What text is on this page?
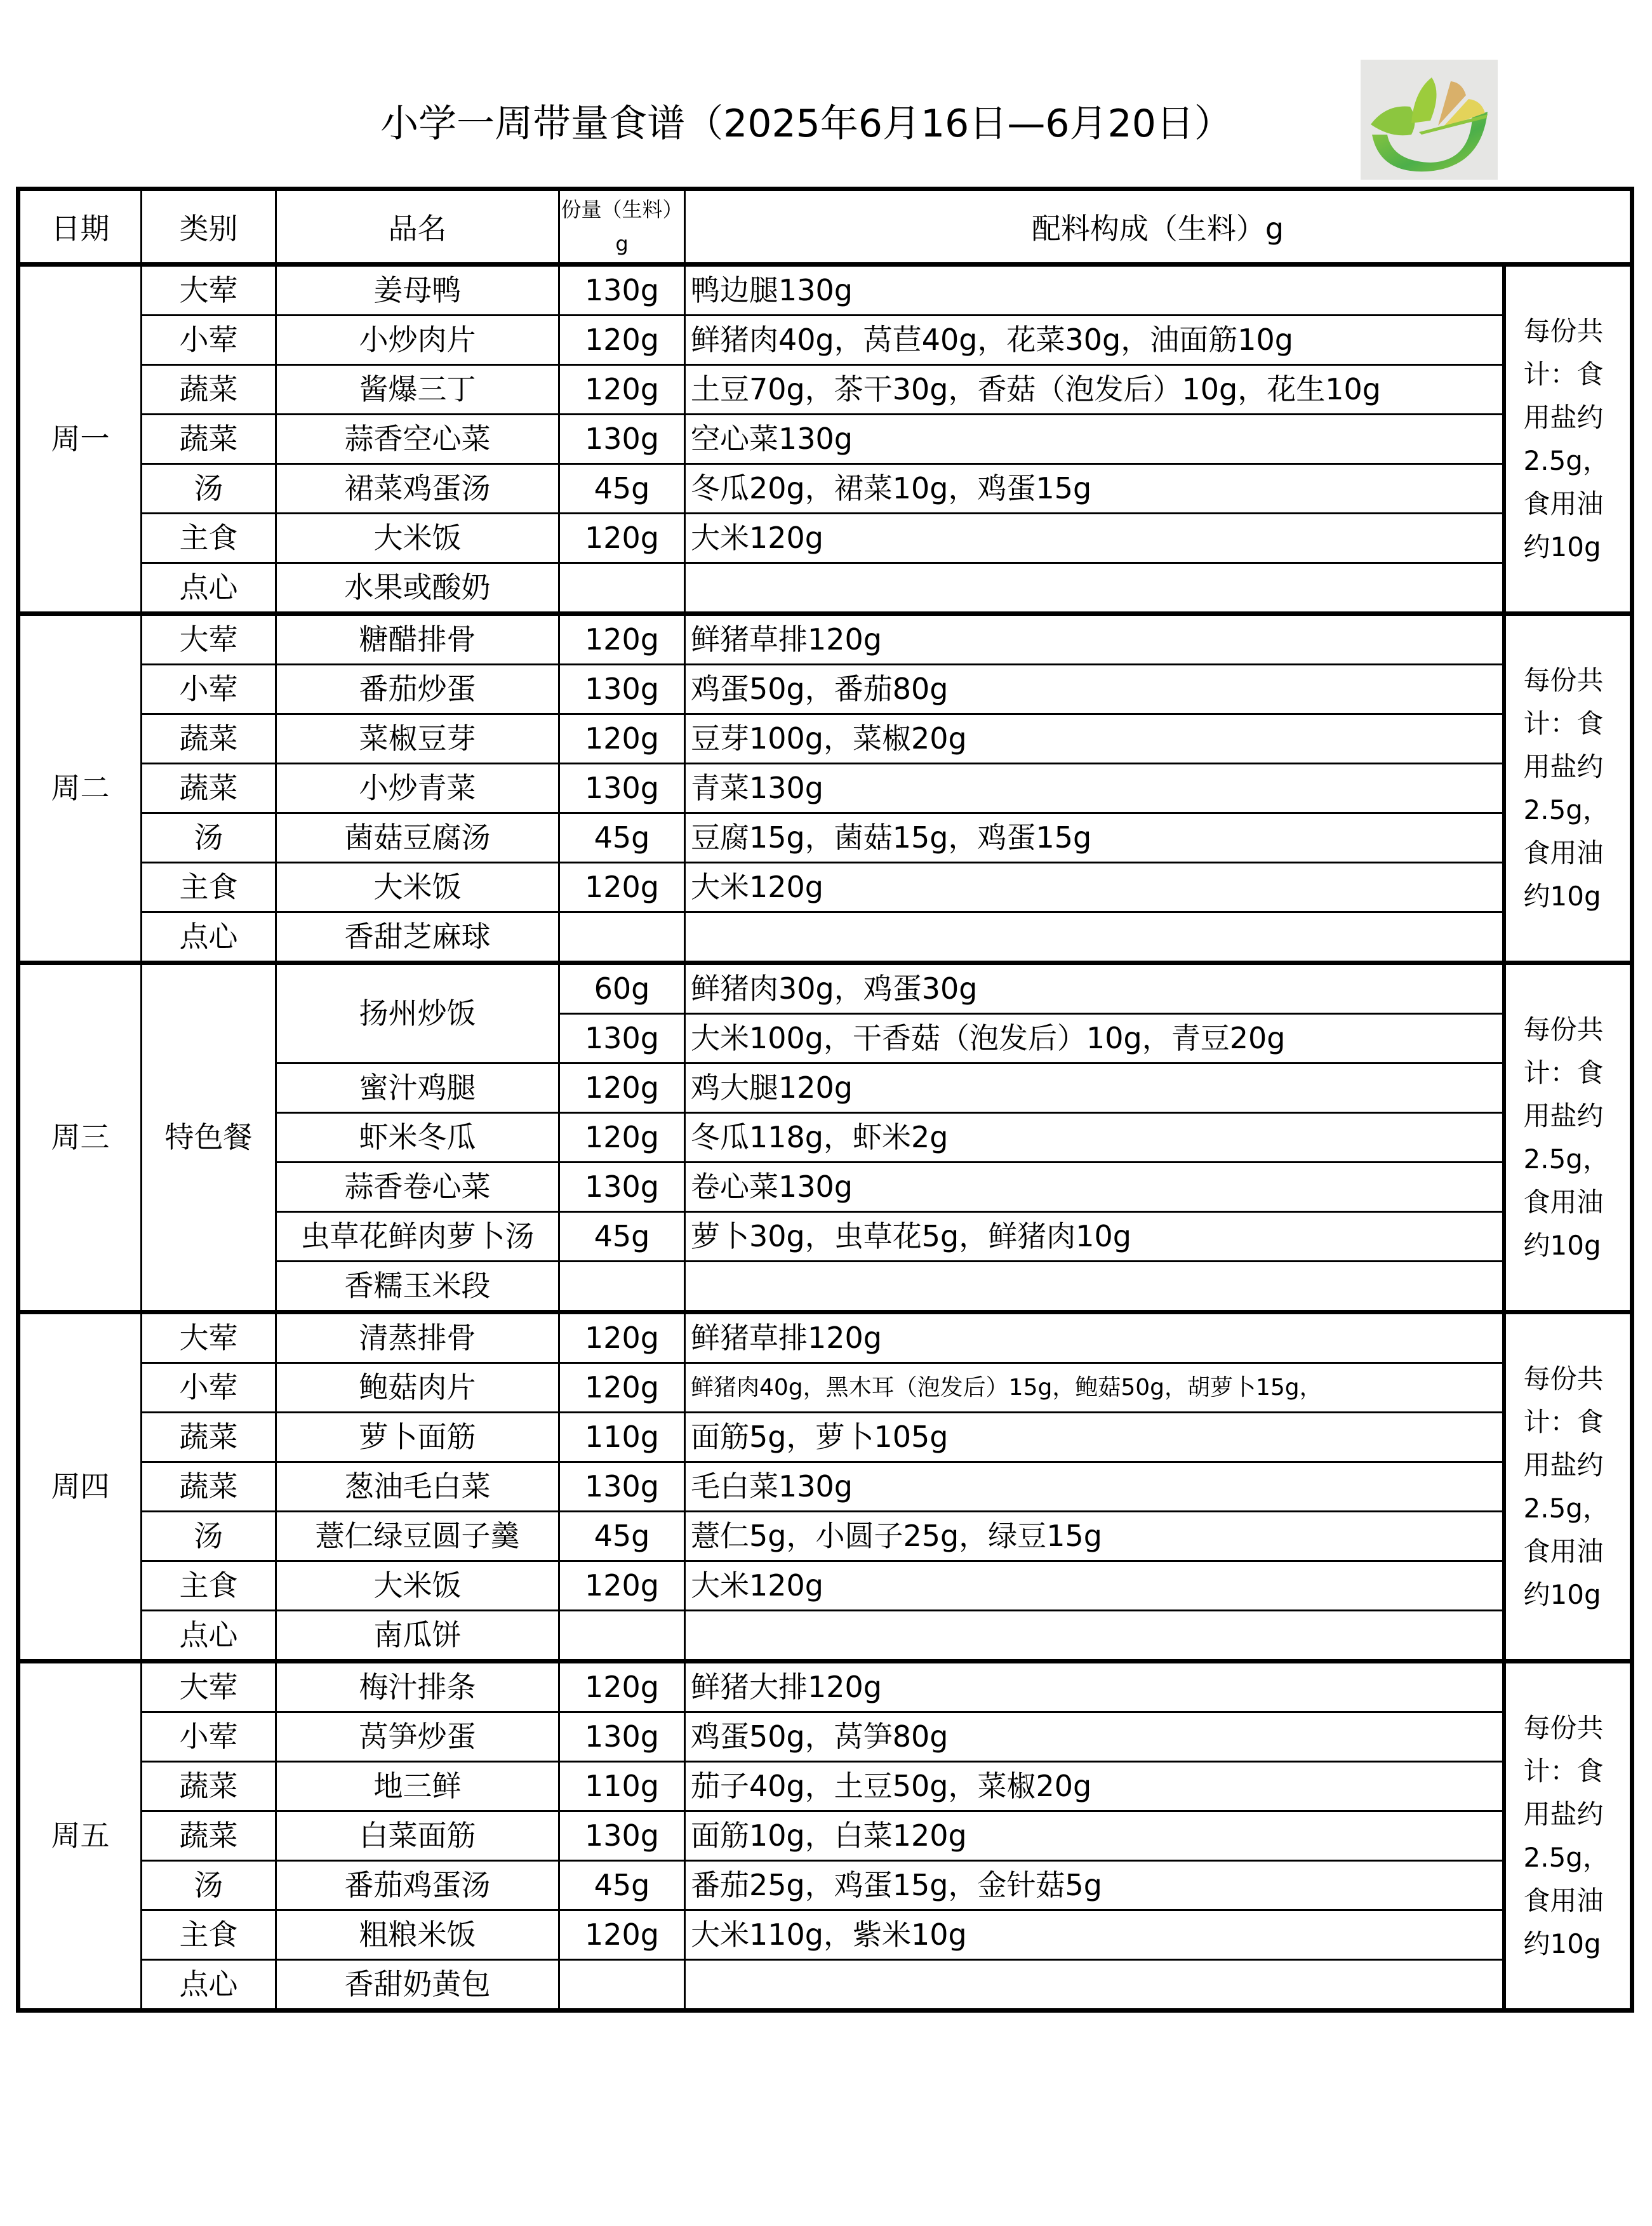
小学一周带量食谱（2025年6月16日—6月20日）
日期	类别	品名	份量（生料）g	配料构成（生料）g	
周一	大荤	姜母鸭	130g	鸭边腿130g	每份共计：食用盐约2.5g，食用油约10g
	小荤	小炒肉片	120g	鲜猪肉40g，莴苣40g，花菜30g，油面筋10g	
	蔬菜	酱爆三丁	120g	土豆70g，茶干30g，香菇（泡发后）10g，花生10g	
	蔬菜	蒜香空心菜	130g	空心菜130g	
	汤	裙菜鸡蛋汤	45g	冬瓜20g，裙菜10g，鸡蛋15g	
	主食	大米饭	120g	大米120g	
	点心	水果或酸奶			
周二	大荤	糖醋排骨	120g	鲜猪草排120g	每份共计：食用盐约2.5g，食用油约10g
	小荤	番茄炒蛋	130g	鸡蛋50g，番茄80g	
	蔬菜	菜椒豆芽	120g	豆芽100g，菜椒20g	
	蔬菜	小炒青菜	130g	青菜130g	
	汤	菌菇豆腐汤	45g	豆腐15g，菌菇15g，鸡蛋15g	
	主食	大米饭	120g	大米120g	
	点心	香甜芝麻球			
周三	特色餐	扬州炒饭	60g	鲜猪肉30g，鸡蛋30g	每份共计：食用盐约2.5g，食用油约10g
			130g	大米100g，干香菇（泡发后）10g，青豆20g	
		蜜汁鸡腿	120g	鸡大腿120g	
		虾米冬瓜	120g	冬瓜118g，虾米2g	
		蒜香卷心菜	130g	卷心菜130g	
		虫草花鲜肉萝卜汤	45g	萝卜30g，虫草花5g，鲜猪肉10g	
		香糯玉米段			
周四	大荤	清蒸排骨	120g	鲜猪草排120g	每份共计：食用盐约2.5g，食用油约10g
	小荤	鲍菇肉片	120g	鲜猪肉40g，黑木耳（泡发后）15g，鲍菇50g，胡萝卜15g，	
	蔬菜	萝卜面筋	110g	面筋5g，萝卜105g	
	蔬菜	葱油毛白菜	130g	毛白菜130g	
	汤	薏仁绿豆圆子羹	45g	薏仁5g，小圆子25g，绿豆15g	
	主食	大米饭	120g	大米120g	
	点心	南瓜饼			
周五	大荤	梅汁排条	120g	鲜猪大排120g	每份共计：食用盐约2.5g，食用油约10g
	小荤	莴笋炒蛋	130g	鸡蛋50g，莴笋80g	
	蔬菜	地三鲜	110g	茄子40g，土豆50g，菜椒20g	
	蔬菜	白菜面筋	130g	面筋10g，白菜120g	
	汤	番茄鸡蛋汤	45g	番茄25g，鸡蛋15g，金针菇5g	
	主食	粗粮米饭	120g	大米110g，紫米10g	
	点心	香甜奶黄包			
